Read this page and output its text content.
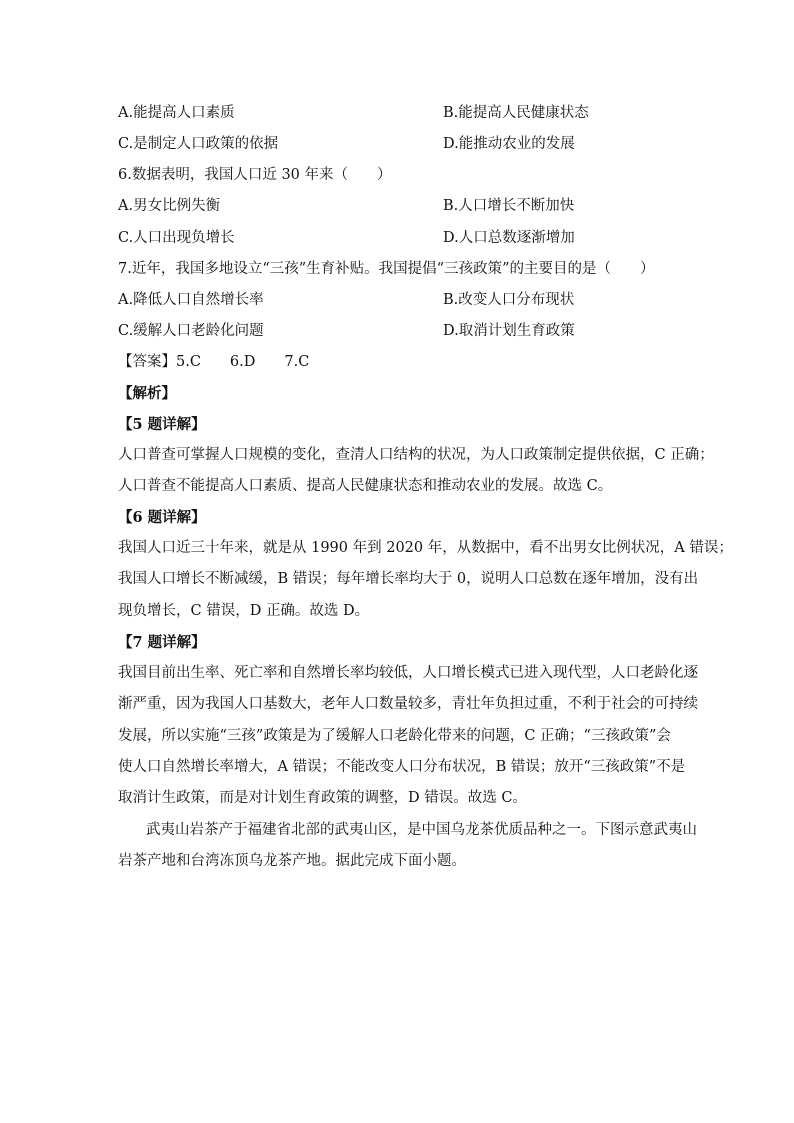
A.能提高人口素质	B.能提高人民健康状态
C.是制定人口政策的依据	D.能推动农业的发展
6.数据表明，我国人口近 30 年来（　　）
A.男女比例失衡	B.人口增长不断加快
C.人口出现负增长	D.人口总数逐渐增加
7.近年，我国多地设立“三孩”生育补贴。我国提倡“三孩政策”的主要目的是（　　）
A.降低人口自然增长率	B.改变人口分布现状
C.缓解人口老龄化问题	D.取消计划生育政策
【答案】5.C　　6.D　　7.C
【解析】
【5 题详解】

人口普查可掌握人口规模的变化，查清人口结构的状况，为人口政策制定提供依据，C 正确；

人口普查不能提高人口素质、提高人民健康状态和推动农业的发展。故选 C。

【6 题详解】

我国人口近三十年来，就是从 1990 年到 2020 年，从数据中，看不出男女比例状况，A 错误；

我国人口增长不断减缓，B 错误；每年增长率均大于 0，说明人口总数在逐年增加，没有出

现负增长，C 错误，D 正确。故选 D。

【7 题详解】

我国目前出生率、死亡率和自然增长率均较低，人口增长模式已进入现代型，人口老龄化逐

渐严重，因为我国人口基数大，老年人口数量较多，青壮年负担过重，不利于社会的可持续

发展，所以实施“三孩”政策是为了缓解人口老龄化带来的问题，C 正确；“三孩政策”会

使人口自然增长率增大，A 错误；不能改变人口分布状况，B 错误；放开“三孩政策”不是

取消计生政策，而是对计划生育政策的调整，D 错误。故选 C。

武夷山岩茶产于福建省北部的武夷山区，是中国乌龙茶优质品种之一。下图示意武夷山

岩茶产地和台湾冻顶乌龙茶产地。据此完成下面小题。
